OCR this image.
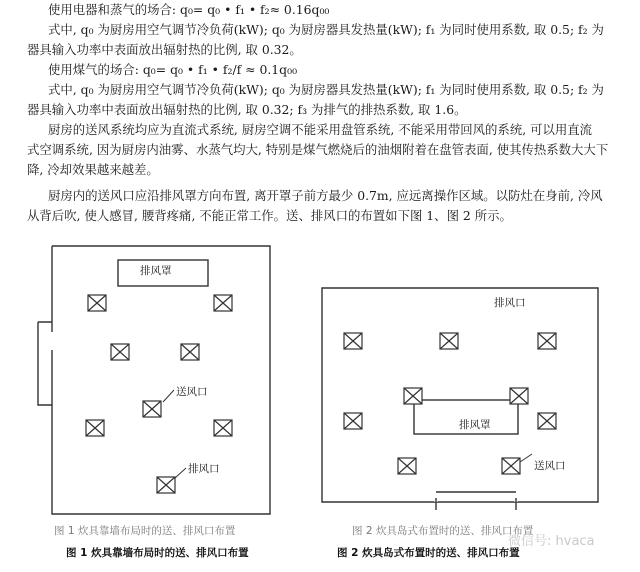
使用电器和蒸气的场合: q₀= q₀ • f₁ • f₂≈ 0.16q₀₀
式中, q₀ 为厨房用空气调节冷负荷(kW); q₀ 为厨房器具发热量(kW); f₁ 为同时使用系数, 取 0.5; f₂ 为
器具输入功率中表面放出辐射热的比例, 取 0.32。
使用煤气的场合: q₀= q₀ • f₁ • f₂/f ≈ 0.1q₀₀
式中, q₀ 为厨房用空气调节冷负荷(kW); q₀ 为厨房器具发热量(kW); f₁ 为同时使用系数, 取 0.5; f₂ 为
器具输入功率中表面放出辐射热的比例, 取 0.32; f₃ 为排气的排热系数, 取 1.6。
厨房的送风系统均应为直流式系统, 厨房空调不能采用盘管系统, 不能采用带回风的系统, 可以用直流
式空调系统, 因为厨房内油雾、水蒸气均大, 特别是煤气燃烧后的油烟附着在盘管表面, 使其传热系数大大下
降, 冷却效果越来越差。
厨房内的送风口应沿排风罩方向布置, 离开罩子前方最少 0.7m, 应远离操作区域。以防灶在身前, 冷风
从背后吹, 使人感冒, 腰背疼痛, 不能正常工作。送、排风口的布置如下图 1、图 2 所示。
排风罩
送风口
排风口
图 1 炊具靠墙布局时的送、排风口布置
图 1 炊具靠墙布局时的送、排风口布置
排风罩
送风口
排风口
图 2 炊具岛式布置时的送、排风口布置
图 2 炊具岛式布置时的送、排风口布置
微信号: hvaca
